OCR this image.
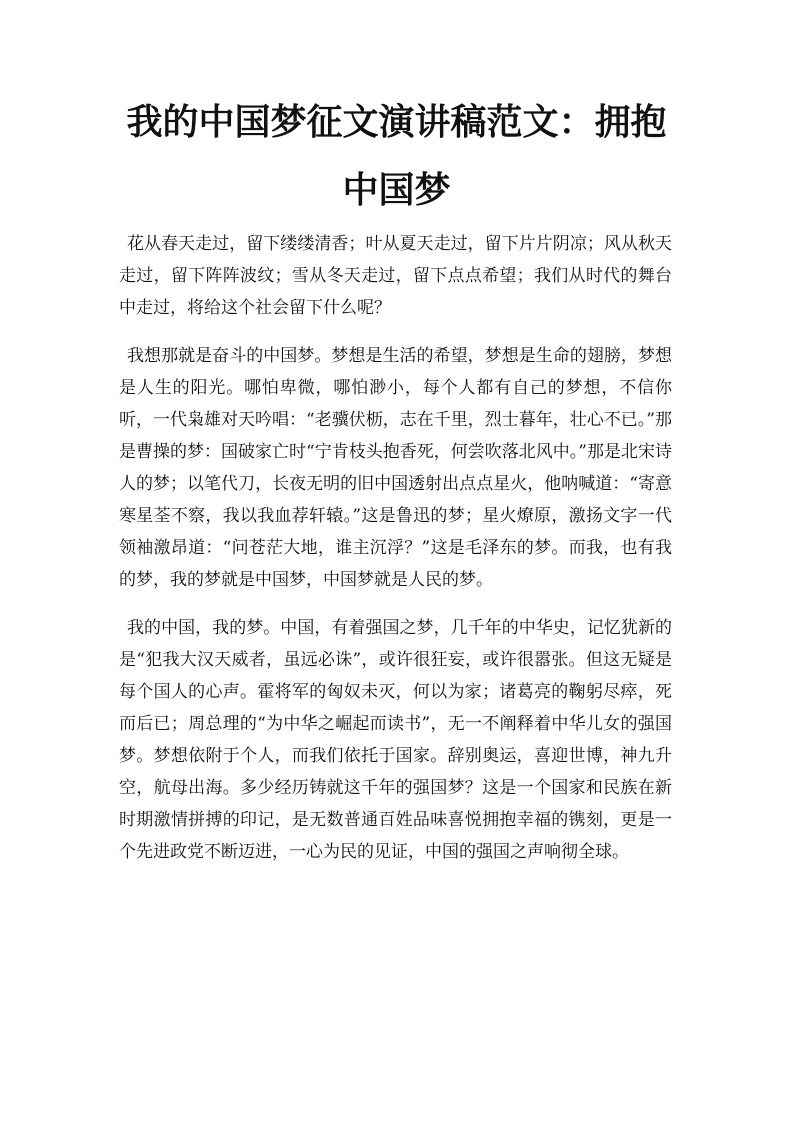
我的中国梦征文演讲稿范文：拥抱中国梦

花从春天走过，留下缕缕清香；叶从夏天走过，留下片片阴凉；风从秋天走过，留下阵阵波纹；雪从冬天走过，留下点点希望；我们从时代的舞台中走过，将给这个社会留下什么呢？

我想那就是奋斗的中国梦。梦想是生活的希望，梦想是生命的翅膀，梦想是人生的阳光。哪怕卑微，哪怕渺小，每个人都有自己的梦想，不信你听，一代枭雄对天吟唱：“老骥伏枥，志在千里，烈士暮年，壮心不已。”那是曹操的梦：国破家亡时“宁肯枝头抱香死，何尝吹落北风中。”那是北宋诗人的梦；以笔代刀，长夜无明的旧中国透射出点点星火，他呐喊道：“寄意寒星荃不察，我以我血荐轩辕。”这是鲁迅的梦；星火燎原，激扬文字一代领袖激昂道：“问苍茫大地，谁主沉浮？”这是毛泽东的梦。而我，也有我的梦，我的梦就是中国梦，中国梦就是人民的梦。

我的中国，我的梦。中国，有着强国之梦，几千年的中华史，记忆犹新的是“犯我大汉天威者，虽远必诛”，或许很狂妄，或许很嚣张。但这无疑是每个国人的心声。霍将军的匈奴未灭，何以为家；诸葛亮的鞠躬尽瘁，死而后已；周总理的“为中华之崛起而读书”，无一不阐释着中华儿女的强国梦。梦想依附于个人，而我们依托于国家。辞别奥运，喜迎世博，神九升空，航母出海。多少经历铸就这千年的强国梦？这是一个国家和民族在新时期激情拼搏的印记，是无数普通百姓品味喜悦拥抱幸福的镌刻，更是一个先进政党不断迈进，一心为民的见证，中国的强国之声响彻全球。
